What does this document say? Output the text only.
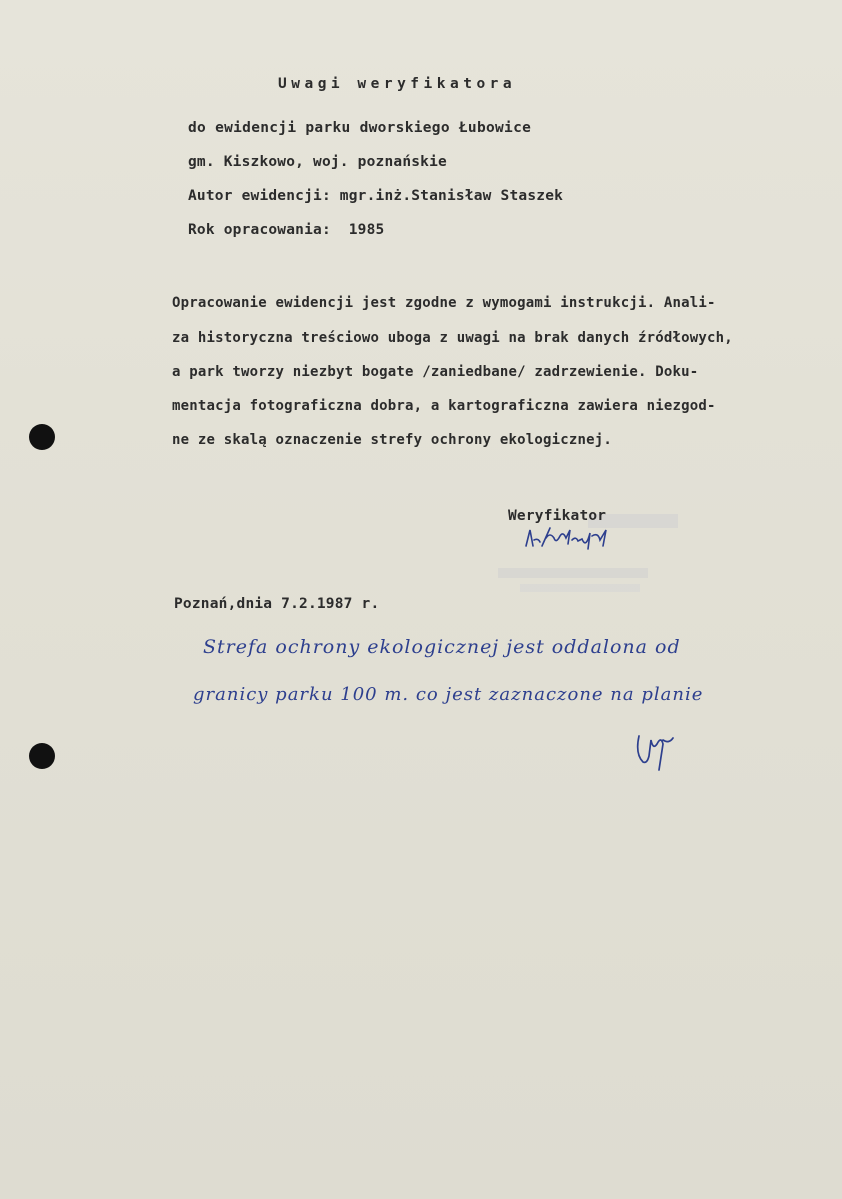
Uwagi weryfikatora
do ewidencji parku dworskiego Łubowice
gm. Kiszkowo, woj. poznańskie
Autor ewidencji: mgr.inż.Stanisław Staszek
Rok opracowania:  1985
Opracowanie ewidencji jest zgodne z wymogami instrukcji. Anali-
za historyczna treściowo uboga z uwagi na brak danych źródłowych,
a park tworzy niezbyt bogate /zaniedbane/ zadrzewienie. Doku-
mentacja fotograficzna dobra, a kartograficzna zawiera niezgod-
ne ze skalą oznaczenie strefy ochrony ekologicznej.
Weryfikator
Poznań,dnia 7.2.1987 r.
Strefa ochrony ekologicznej jest oddalona od
granicy parku 100 m. co jest zaznaczone na planie
